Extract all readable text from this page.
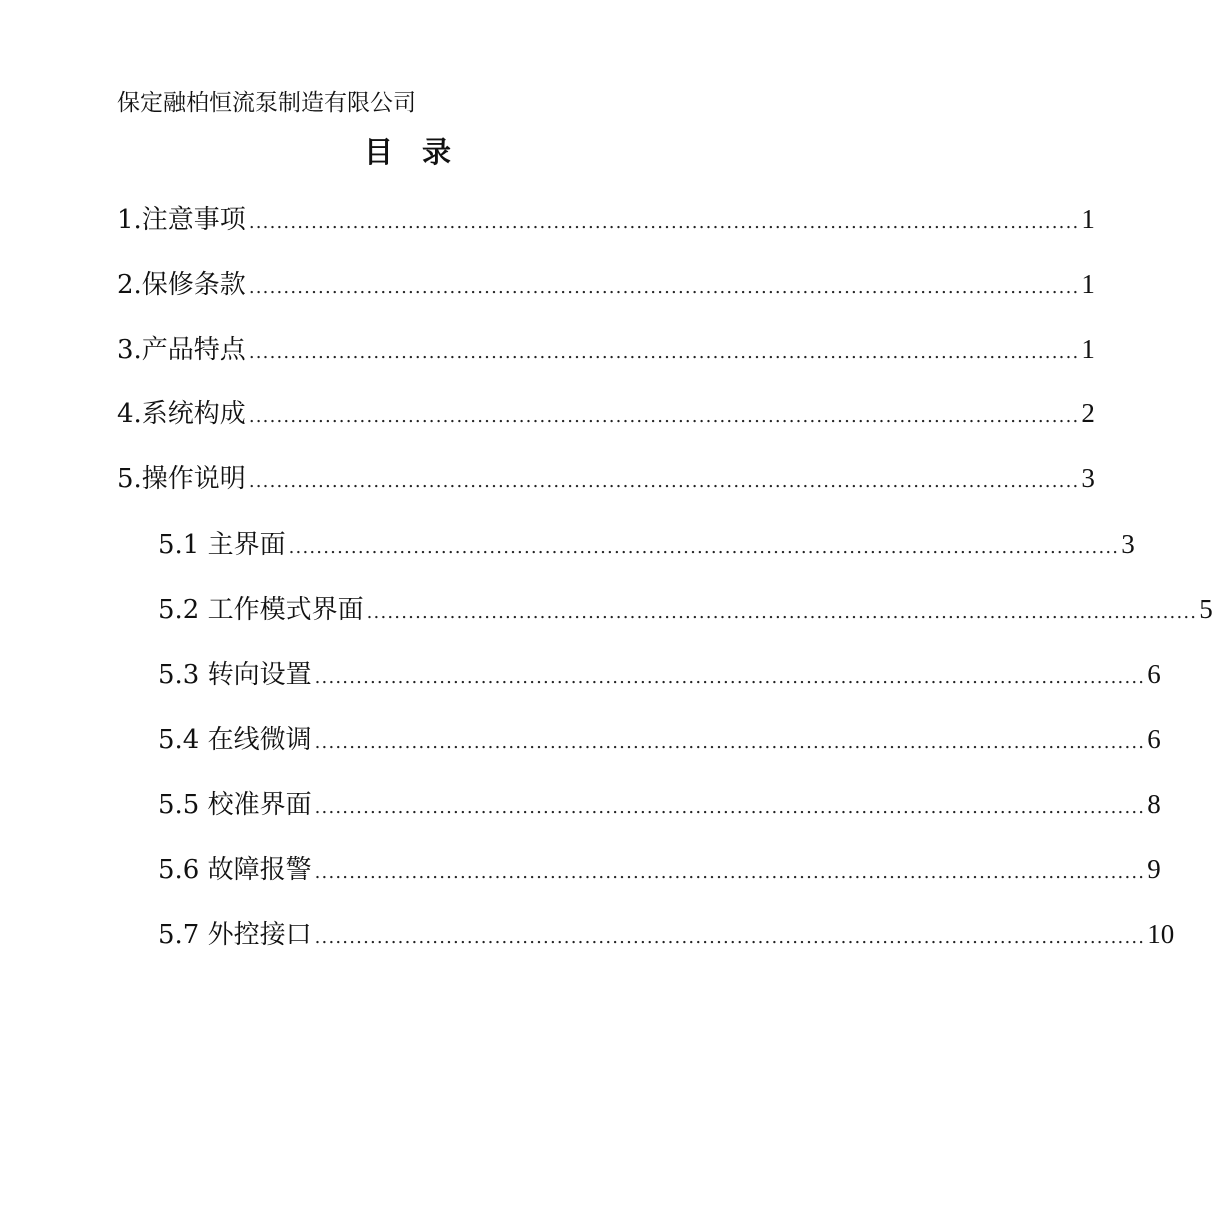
保定融柏恒流泵制造有限公司
目　录
1.注意事项 ........................................................................................................................ 1
2.保修条款 ........................................................................................................................ 1
3.产品特点 ........................................................................................................................ 1
4.系统构成 ........................................................................................................................ 2
5.操作说明 ........................................................................................................................ 3
5.1 主界面 ........................................................................................................................ 3
5.2 工作模式界面 ........................................................................................................................ 5
5.3 转向设置 ........................................................................................................................ 6
5.4 在线微调 ........................................................................................................................ 6
5.5 校准界面 ........................................................................................................................ 8
5.6 故障报警 ........................................................................................................................ 9
5.7 外控接口 ........................................................................................................................ 10
